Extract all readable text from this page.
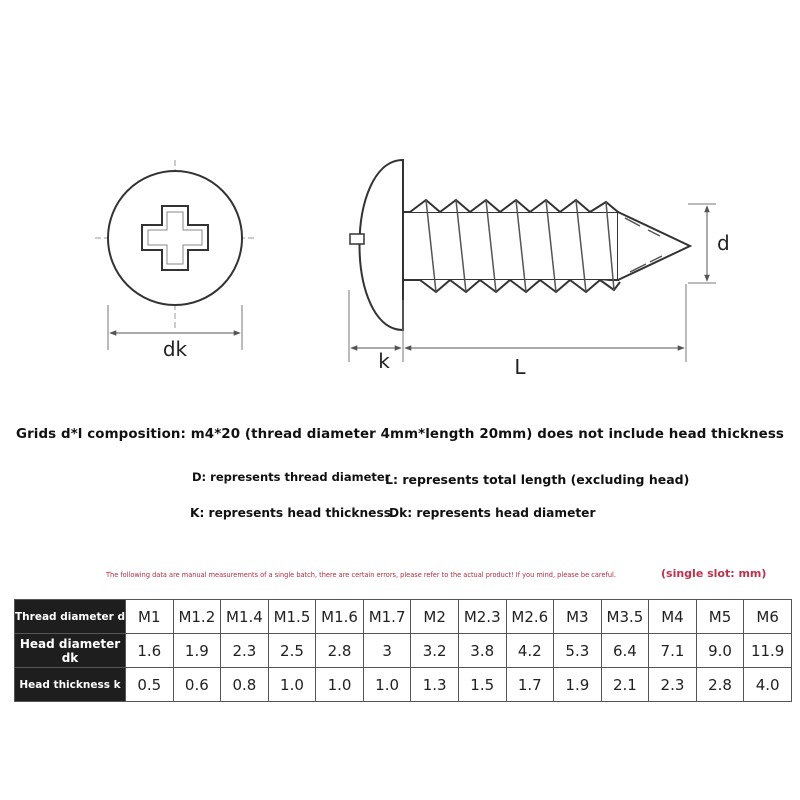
dk
d
k	L
Grids d*l composition: m4*20 (thread diameter 4mm*length 20mm) does not include head thickness
D: represents thread diameter
L: represents total length (excluding head)
K: represents head thickness
Dk: represents head diameter
The following data are manual measurements of a single batch, there are certain errors, please refer to the actual product! If you mind, please be careful.	(single slot: mm)
Thread diameter d	M1	M1.2	M1.4	M1.5	M1.6	M1.7	M2	M2.3	M2.6	M3	M3.5	M4	M5	M6
Head diameter dk	1.6	1.9	2.3	2.5	2.8	3	3.2	3.8	4.2	5.3	6.4	7.1	9.0	11.9
Head thickness k	0.5	0.6	0.8	1.0	1.0	1.0	1.3	1.5	1.7	1.9	2.1	2.3	2.8	4.0
